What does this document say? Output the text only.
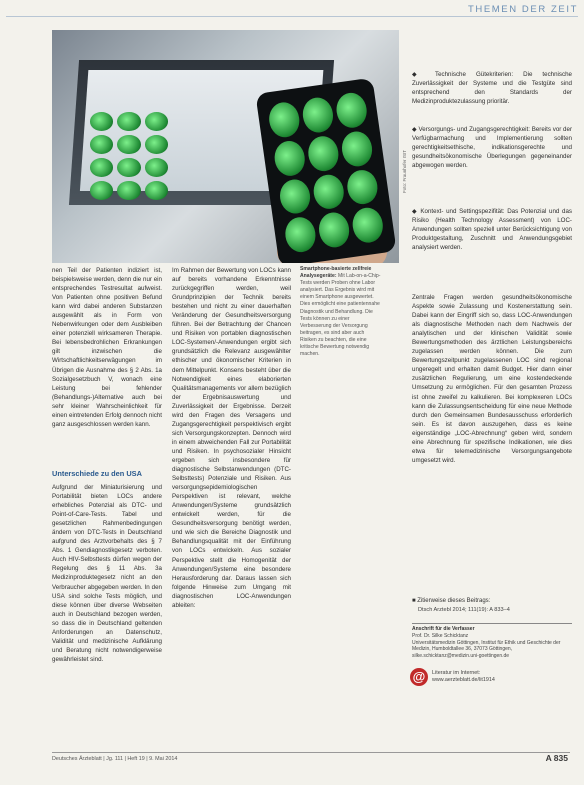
THEMEN DER ZEIT
Foto: Fraunhofer ISIT

nen Teil der Patienten indiziert ist, beispielsweise werden, denn die nur ein entsprechendes Testresultat aufweist. Von Patienten ohne positiven Befund kann wird dabei anderen Substanzen ausgewählt als in Form von Nebenwirkungen oder dem Ausbleiben einer potenziell wirksameren Therapie. Bei lebensbedrohlichen Erkrankungen gilt inzwischen die Wirtschaftlichkeitserwägungen im Übrigen die Ausnahme des § 2 Abs. 1a Sozialgesetzbuch V, wonach eine Leistung bei fehlender (Behandlungs-)Alternative auch bei sehr kleiner Wahrscheinlichkeit für einen eintretenden Erfolg dennoch nicht ganz ausgeschlossen werden kann.

Unterschiede zu den USA

Aufgrund der Miniaturisierung und Portabilität bieten LOCs andere erhebliches Potenzial als DTC- und Point-of-Care-Tests. Tabel und gesetzlichen Rahmenbedingungen ändern von DTC-Tests in Deutschland aufgrund des Arztvorbehalts des § 7 Abs. 1 Gendiagnostikgesetz verboten. Auch HIV-Selbsttests dürfen wegen der Regelung des § 11 Abs. 3a Medizinproduktegesetz nicht an den Verbraucher abgegeben werden. In den USA sind solche Tests möglich, und diese können über diverse Webseiten auch in Deutschland bezogen werden, so dass die in Deutschland geltenden Anforderungen an Datenschutz, Validität und medizinische Aufklärung und Beratung nicht notwendigerweise gewährleistet sind.

Im Rahmen der Bewertung von LOCs kann auf bereits vorhandene Erkenntnisse zurückgegriffen werden, weil Grundprinzipien der Technik bereits bestehen und nicht zu einer dauerhaften Veränderung der Gesundheitsversorgung führen. Bei der Betrachtung der Chancen und Risiken von portablen diagnostischen LOC-Systemen/-Anwendungen ergibt sich grundsätzlich die Relevanz ausgewählter ethischer und ökonomischer Kriterien in dem Mittelpunkt. Konsens besteht über die Notwendigkeit eines elaborierten Qualitätsmanagements vor allem bezüglich der Ergebnisauswertung und Zuverlässigkeit der Ergebnisse. Derzeit wird den Fragen des Versagens und Zugangsgerechtigkeit perspektivisch ergibt sich Versorgungskonzepten. Dennoch wird in einem abweichenden Fall zur Portabilität und Risiken. In psychosozialer Hinsicht ergeben sich insbesondere für diagnostische Selbstanwendungen (DTC-Selbsttests) Potenziale und Risiken. Aus versorgungsepidemiologischen Perspektiven ist relevant, welche Anwendungen/Systeme grundsätzlich entwickelt werden, für die Gesundheitsversorgung benötigt werden, und wie sich die Bereiche Diagnostik und Behandlungsqualität mit der Einführung von LOCs entwickeln. Aus sozialer Perspektive stellt die Homogenität der Anwendungen/Systeme eine besondere Herausforderung dar. Daraus lassen sich folgende Hinweise zum Umgang mit diagnostischen LOC-Anwendungen ableiten:

Smartphone-basierte zellfreie Analysegeräte: Mit Lab-on-a-Chip-Tests werden Proben ohne Labor analysiert. Das Ergebnis wird mit einem Smartphone ausgewertet. Dies ermöglicht eine patientennahe Diagnostik und Behandlung. Die Tests können zu einer Verbesserung der Versorgung beitragen, es sind aber auch Risiken zu beachten, die eine kritische Bewertung notwendig machen.
◆ Technische Gütekriterien: Die technische Zuverlässigkeit der Systeme und die Testgüte sind entsprechend den Standards der Medizinproduktezulassung prioritär.
◆ Versorgungs- und Zugangsgerechtigkeit: Bereits vor der Verfügbarmachung und Implementierung sollten gerechtigkeitsethische, indikationsgerechte und gesundheitsökonomische Überlegungen gegeneinander abgewogen werden.
◆ Kontext- und Settingspezifität: Das Potenzial und das Risiko (Health Technology Assessment) von LOC-Anwendungen sollten speziell unter Berücksichtigung von Produktgestaltung, Zuschnitt und Anwendungsgebiet analysiert werden.
Zentrale Fragen werden gesundheitsökonomische Aspekte sowie Zulassung und Kostenerstattung sein. Dabei kann der Eingriff sich so, dass LOC-Anwendungen als diagnostische Methoden nach dem Nachweis der analytischen und der klinischen Validität sowie Bewertungsmethoden des ärztlichen Leistungsbereichs zugelassen werden können. Die zum Bewertungszeitpunkt zugelassenen LOC sind regional ungeregelt und erhalten damit Budget. Hier dann einer zusätzlichen Regulierung, um eine kostendeckende Umsetzung zu ermöglichen. Für den gesamten Prozess ist ohne zweifel zu kalkulieren. Bei komplexeren LOCs kann die Zulassungsentscheidung für eine neue Methode durch den Gemeinsamen Bundesausschuss erforderlich sein. Es ist davon auszugehen, dass es keine eigenständige „LOC-Abrechnung“ geben wird, sondern eine Abrechnung für spezifische Indikationen, wie dies etwa für telemedizinische Versorgungsangebote umgesetzt wird.
■ Zitierweise dieses Beitrags:
Dtsch Arztebl 2014; 111(19): A 833–4
Anschrift für die Verfasser
Prof. Dr. Silke Schicktanz
Universitätsmedizin Göttingen, Institut für Ethik und Geschichte der Medizin, Humboldtallee 36, 37073 Göttingen, silke.schicktanz@medizin.uni-goettingen.de
@	Literatur im Internet:
www.aerzteblatt.de/lit1914
Deutsches Ärzteblatt | Jg. 111 | Heft 19 | 9. Mai 2014	A 835
